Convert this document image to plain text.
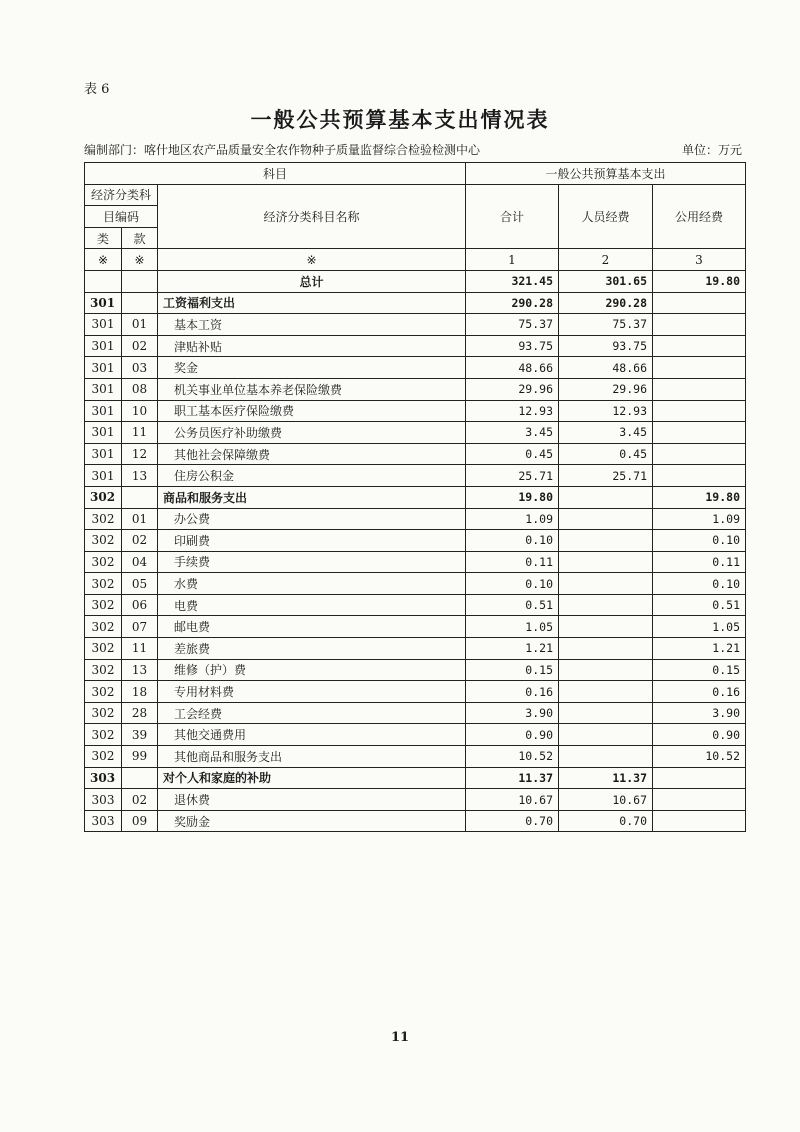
表 6
一般公共预算基本支出情况表
编制部门：喀什地区农产品质量安全农作物种子质量监督综合检验检测中心	单位：万元
科目			一般公共预算基本支出		
经济分类科		经济分类科目名称	合计	人员经费	公用经费
目编码					
类	款				
※	※	※	1	2	3
		总计	321.45	301.65	19.80
301		工资福利支出	290.28	290.28	
301	01	基本工资	75.37	75.37	
301	02	津贴补贴	93.75	93.75	
301	03	奖金	48.66	48.66	
301	08	机关事业单位基本养老保险缴费	29.96	29.96	
301	10	职工基本医疗保险缴费	12.93	12.93	
301	11	公务员医疗补助缴费	3.45	3.45	
301	12	其他社会保障缴费	0.45	0.45	
301	13	住房公积金	25.71	25.71	
302		商品和服务支出	19.80		19.80
302	01	办公费	1.09		1.09
302	02	印刷费	0.10		0.10
302	04	手续费	0.11		0.11
302	05	水费	0.10		0.10
302	06	电费	0.51		0.51
302	07	邮电费	1.05		1.05
302	11	差旅费	1.21		1.21
302	13	维修（护）费	0.15		0.15
302	18	专用材料费	0.16		0.16
302	28	工会经费	3.90		3.90
302	39	其他交通费用	0.90		0.90
302	99	其他商品和服务支出	10.52		10.52
303		对个人和家庭的补助	11.37	11.37	
303	02	退休费	10.67	10.67	
303	09	奖励金	0.70	0.70	
11
